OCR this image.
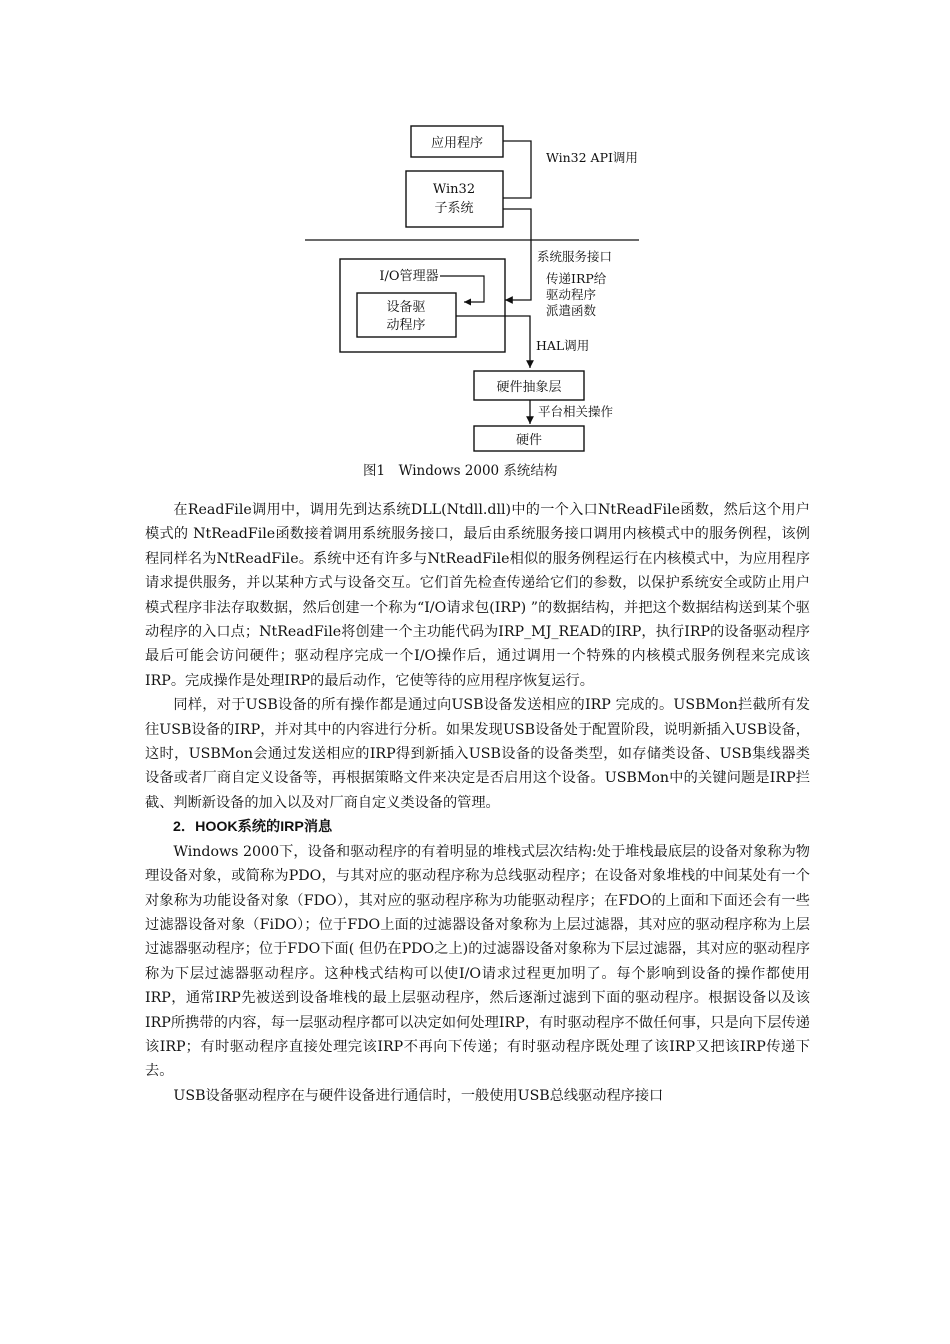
应用程序
Win32
子系统
Win32 API调用
系统服务接口
传递IRP给
驱动程序
派遣函数
I/O管理器
设备驱
动程序
HAL调用
硬件抽象层
平台相关操作
硬件
图1　Windows 2000 系统结构

在ReadFile调用中，调用先到达系统DLL(Ntdll.dll)中的一个入口NtReadFile函数，然后这个用户模式的 NtReadFile函数接着调用系统服务接口，最后由系统服务接口调用内核模式中的服务例程，该例程同样名为NtReadFile。系统中还有许多与NtReadFile相似的服务例程运行在内核模式中，为应用程序请求提供服务，并以某种方式与设备交互。它们首先检查传递给它们的参数，以保护系统安全或防止用户模式程序非法存取数据，然后创建一个称为“I/O请求包(IRP) ”的数据结构，并把这个数据结构送到某个驱动程序的入口点；NtReadFile将创建一个主功能代码为IRP_MJ_READ的IRP，执行IRP的设备驱动程序最后可能会访问硬件；驱动程序完成一个I/O操作后，通过调用一个特殊的内核模式服务例程来完成该IRP。完成操作是处理IRP的最后动作，它使等待的应用程序恢复运行。

同样，对于USB设备的所有操作都是通过向USB设备发送相应的IRP 完成的。USBMon拦截所有发往USB设备的IRP，并对其中的内容进行分析。如果发现USB设备处于配置阶段，说明新插入USB设备，这时，USBMon会通过发送相应的IRP得到新插入USB设备的设备类型，如存储类设备、USB集线器类设备或者厂商自定义设备等，再根据策略文件来决定是否启用这个设备。USBMon中的关键问题是IRP拦截、判断新设备的加入以及对厂商自定义类设备的管理。

2．HOOK系统的IRP消息

Windows 2000下，设备和驱动程序的有着明显的堆栈式层次结构:处于堆栈最底层的设备对象称为物理设备对象，或简称为PDO，与其对应的驱动程序称为总线驱动程序；在设备对象堆栈的中间某处有一个对象称为功能设备对象（FDO），其对应的驱动程序称为功能驱动程序；在FDO的上面和下面还会有一些过滤器设备对象（FiDO）；位于FDO上面的过滤器设备对象称为上层过滤器，其对应的驱动程序称为上层过滤器驱动程序；位于FDO下面( 但仍在PDO之上)的过滤器设备对象称为下层过滤器，其对应的驱动程序称为下层过滤器驱动程序。这种栈式结构可以使I/O请求过程更加明了。每个影响到设备的操作都使用IRP，通常IRP先被送到设备堆栈的最上层驱动程序，然后逐渐过滤到下面的驱动程序。根据设备以及该IRP所携带的内容，每一层驱动程序都可以决定如何处理IRP，有时驱动程序不做任何事，只是向下层传递该IRP；有时驱动程序直接处理完该IRP不再向下传递；有时驱动程序既处理了该IRP又把该IRP传递下去。

USB设备驱动程序在与硬件设备进行通信时，一般使用USB总线驱动程序接口
